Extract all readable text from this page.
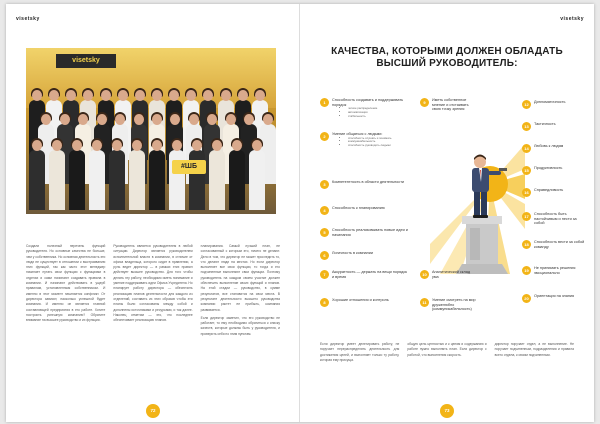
visetsky
visetsky
#ШБ

Создали полезный перечень функций руководителя. Но основные качества не больше, чем у собственника. Но основная деятельность эти люди не существует в отношении к выстраиванию этих функций, так как часто этот менеджер начинает путать свои функции с функциями в отделах и сами начинают создавать правила в компании. И начинают действовать в ущерб правилам, установленным собственником. И именно в этот момент начинается конфликт. От директора зависит, насколько успешной будет компания. И именно он является главной составляющей предприятия в его работе. Хотите построить успешную компанию? Обратите внимание на высшее руководство и их функции.

Руководитель является руководителем в любой ситуации. Директор является руководителем исполнительной власти в компании, в отличие от офиса владельца, которого сидит в правлении, а руль ведет директор — в рамках этих правил действует высшее руководство. Для того чтобы делать эту работу, необходимо иметь понимание и умение поддерживать идеи Офиса Учредителя. Но планирует работу директора — обеспечить реализацию планов деятельности для каждого из отделений, составить из этих образов чтобы эти планы были согласованы между собой и дополнены источниками и ресурсами, и так далее. Наконец отметим — это, что последнее обеспечивает реализацию планов.

планирования. Самый лучший план, не согласованный с которым это, ничего не делают. Дело в том, что директор не может проследить то, что делают люди на местах. Но если директор выполняет все свои функции, то тогда и его подчиненные выполняют свои функции. Поэтому руководитель на каждом своем участке должен обеспечить выполнение своих функций и планов. На этой стадии — руководство, в сумме результатов, все становится на свои места. В результате деятельности высшего руководства компании растет ее прибыль, компания развивается.

Если директор заметил, что его руководство не работает, то ему необходимо обратиться к списку качеств, которые должны быть у руководителя, и проверить себя по этим пунктам.

72
visetsky
КАЧЕСТВА, КОТОРЫМИ ДОЛЖЕН ОБЛАДАТЬ
ВЫСШИЙ РУКОВОДИТЕЛЬ:
1	Способность создавать и поддерживать порядок
• четкое распределение
• автоматизация
• стабильность
2	Умение общаться с людьми:
• способность слушать и понимать
• коммуникабельность
• способность руководить людьми
3	Компетентность в области деятельности
4	Способность к планированию
5	Способность реализовывать новые идеи и начинания
6	Логичность в компании
7	Аккуратность — держать на вещи порядок и время
8	Хорошие отношения и контроль
9	Иметь собственное мнение и отстаивать свою точку зрения
10	Аналитический склад ума
11	Умение смотреть на мир дружелюбно (коммуникабельность)
12	Дипломатичность
13	Тактичность
14	Любовь к людям
15	Продуктивность
16	Справедливость
17	Способность быть настойчивым и нести за собой
18	Способность вести за собой команду
19	Не принимать решения эмоционально
20	Ориентация на знания
Если директор умеет делегировать работу, не поручает перераспределять деятельность для достижения целей, и выполняет только ту работу, которая ему присуща.
общую цель ценностью и к целям и содержанию и работе нужно выполнять план. Если директор с работой, что выполнения скорость.
директор поручает отдел, а не выполнение. Не поручает подчиненным, подразделения и правила всего отдела, к своим подчиненным.
73
